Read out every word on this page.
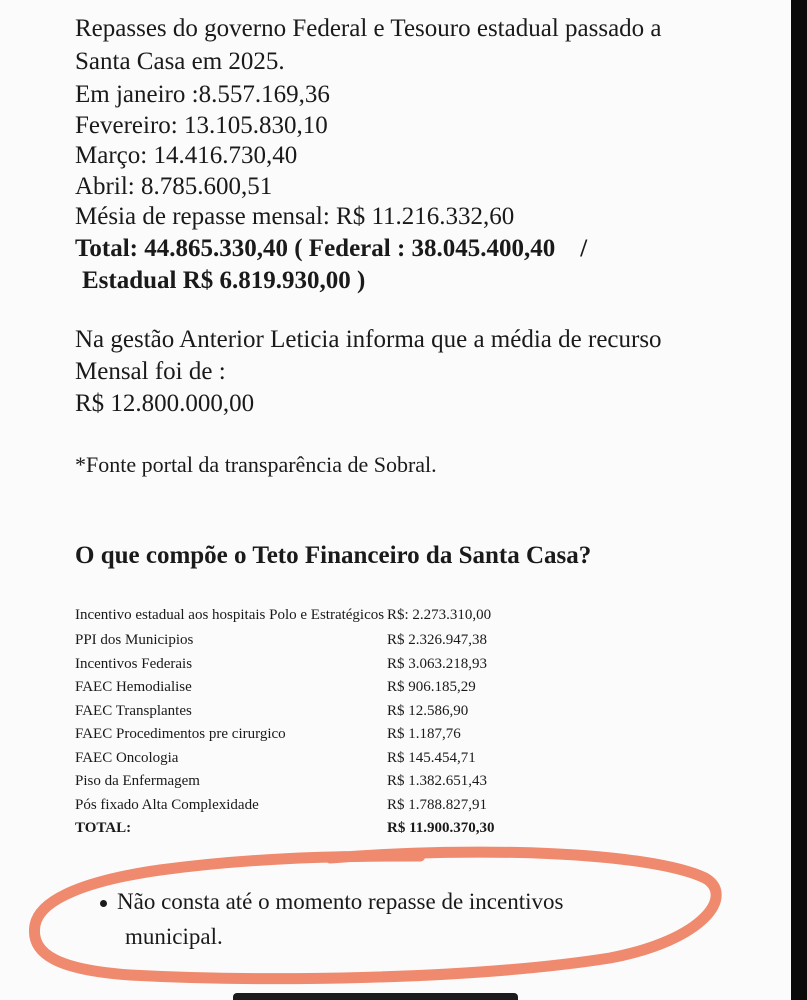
Repasses do governo Federal e Tesouro estadual passado a
Santa Casa em 2025.
Em janeiro :8.557.169,36
Fevereiro: 13.105.830,10
Março: 14.416.730,40
Abril: 8.785.600,51
Mésia de repasse mensal: R$ 11.216.332,60
Total: 44.865.330,40 ( Federal : 38.045.400,40    /
Estadual R$ 6.819.930,00 )
Na gestão Anterior Leticia informa que a média de recurso
Mensal foi de :
R$ 12.800.000,00
*Fonte portal da transparência de Sobral.
O que compõe o Teto Financeiro da Santa Casa?
Incentivo estadual aos hospitais Polo e Estratégicos R$: 2.273.310,00
PPI dos Municipios	R$ 2.326.947,38
Incentivos Federais	R$ 3.063.218,93
FAEC Hemodialise	R$ 906.185,29
FAEC Transplantes	R$ 12.586,90
FAEC Procedimentos pre cirurgico	R$ 1.187,76
FAEC Oncologia	R$ 145.454,71
Piso da Enfermagem	R$ 1.382.651,43
Pós fixado Alta Complexidade	R$ 1.788.827,91
TOTAL:	R$ 11.900.370,30
Não consta até o momento repasse de incentivos
municipal.
